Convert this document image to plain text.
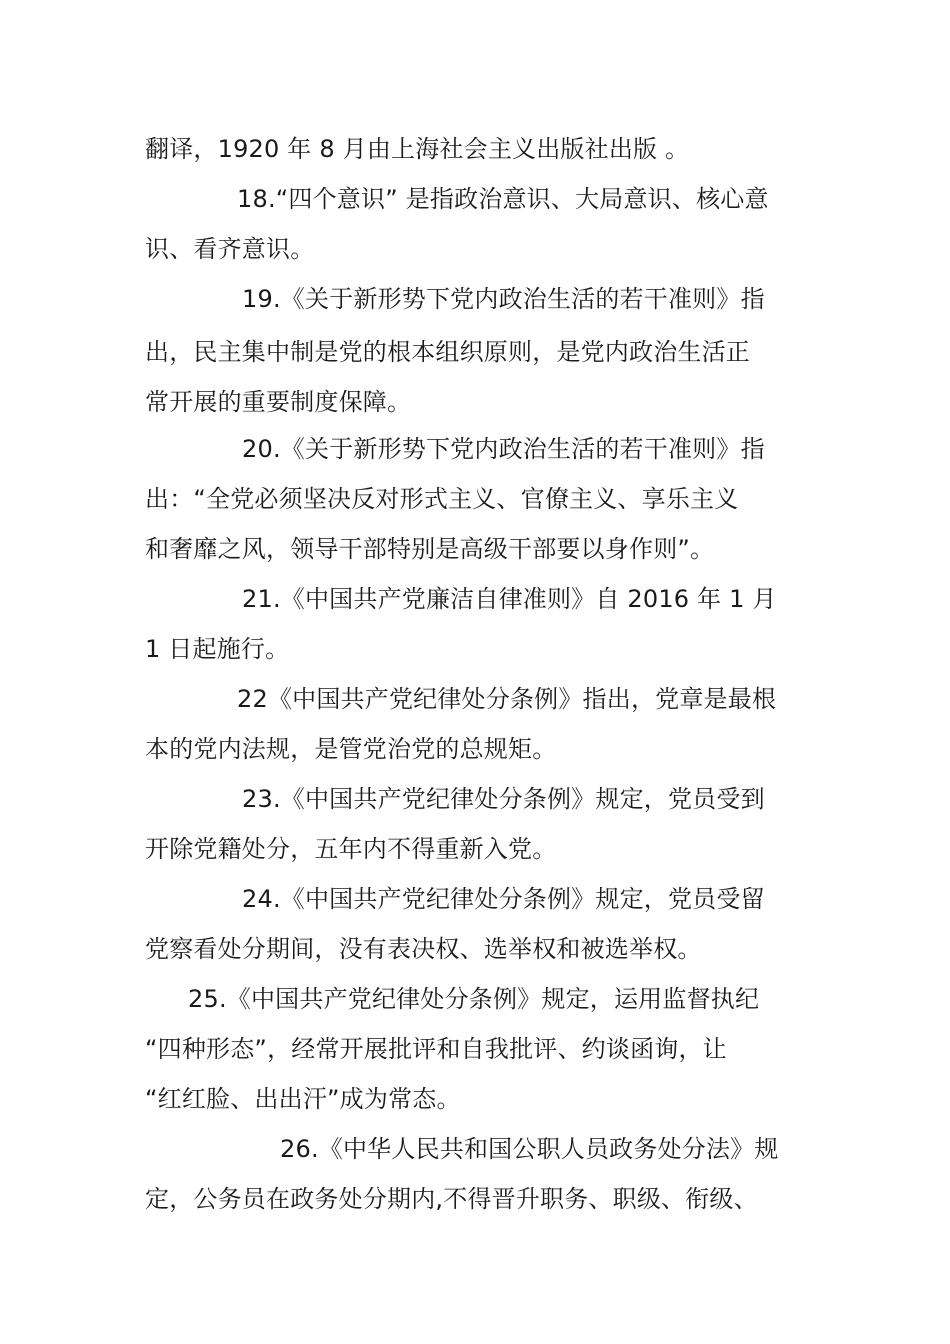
翻译，1920 年 8 月由上海社会主义出版社出版 。
18.“四个意识” 是指政治意识、大局意识、核心意
识、看齐意识。
19.《关于新形势下党内政治生活的若干准则》指
出，民主集中制是党的根本组织原则，是党内政治生活正
常开展的重要制度保障。
20.《关于新形势下党内政治生活的若干准则》指
出：“全党必须坚决反对形式主义、官僚主义、享乐主义
和奢靡之风，领导干部特别是高级干部要以身作则”。
21.《中国共产党廉洁自律准则》自 2016 年 1 月
1 日起施行。
22《中国共产党纪律处分条例》指出，党章是最根
本的党内法规，是管党治党的总规矩。
23.《中国共产党纪律处分条例》规定，党员受到
开除党籍处分，五年内不得重新入党。
24.《中国共产党纪律处分条例》规定，党员受留
党察看处分期间，没有表决权、选举权和被选举权。
25.《中国共产党纪律处分条例》规定，运用监督执纪
“四种形态”，经常开展批评和自我批评、约谈函询，让
“红红脸、出出汗”成为常态。
26.《中华人民共和国公职人员政务处分法》规
定，公务员在政务处分期内,不得晋升职务、职级、衔级、
